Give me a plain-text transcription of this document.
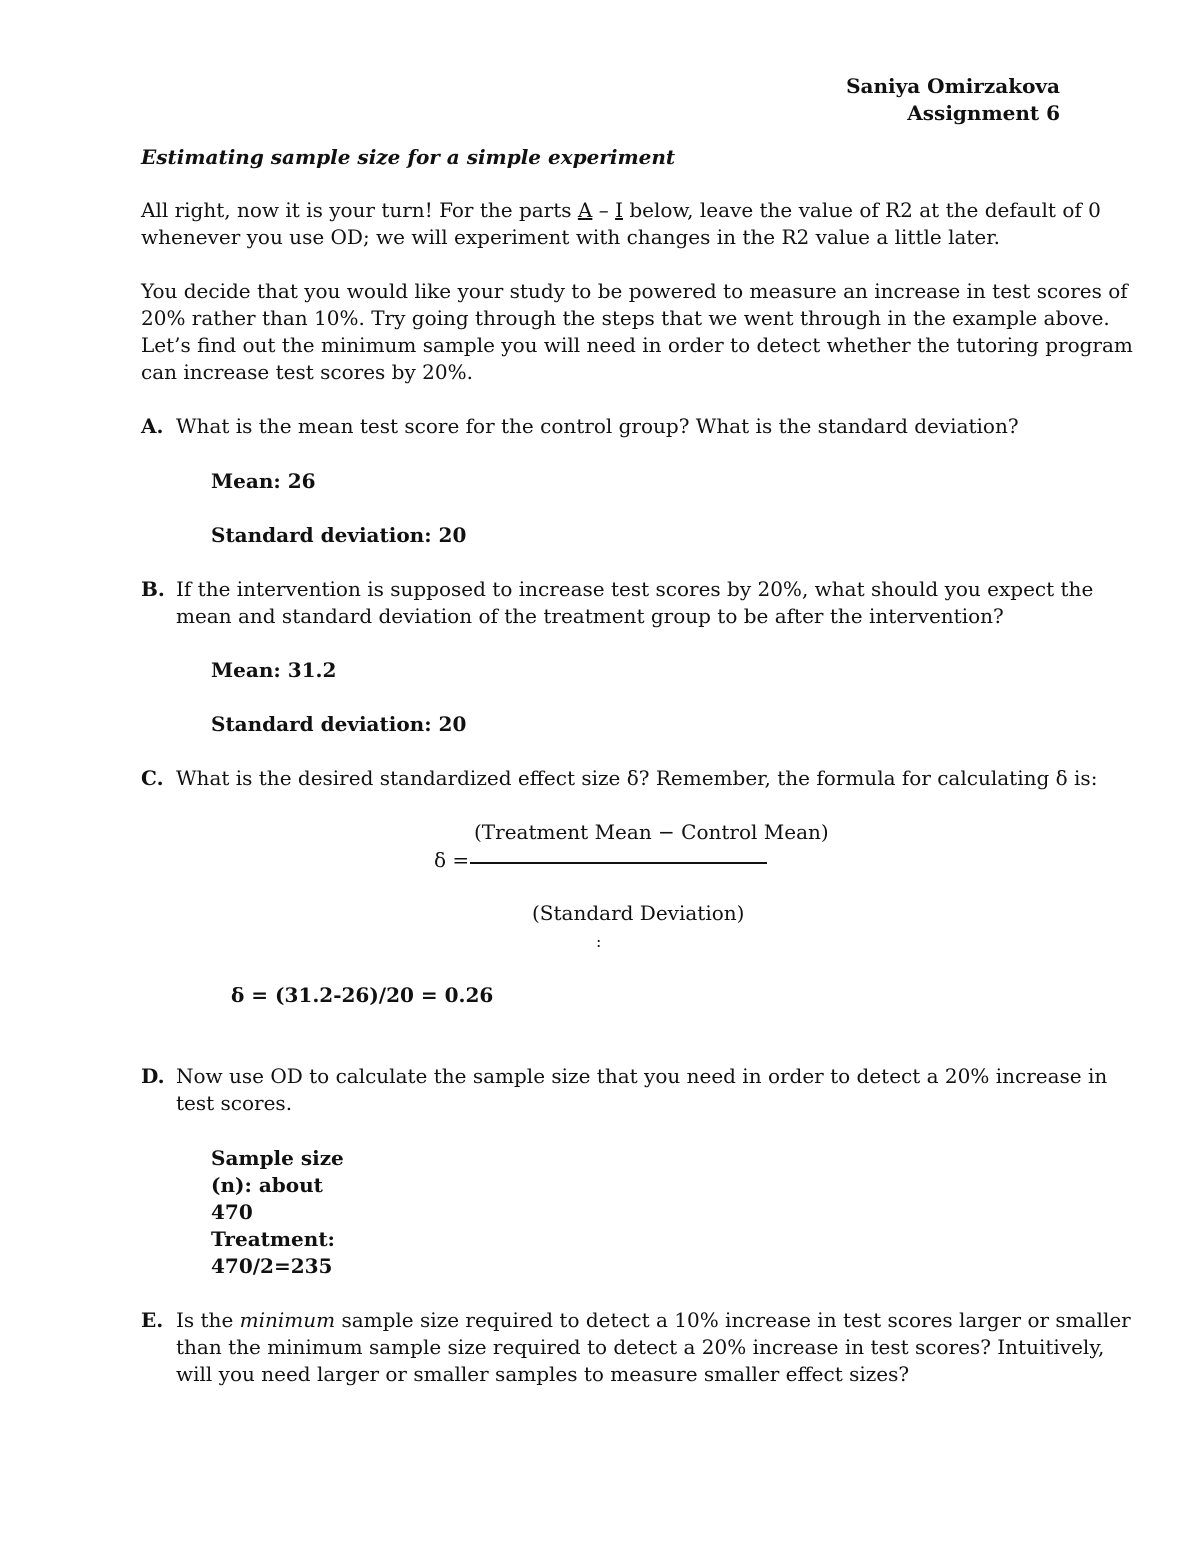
Saniya Omirzakova
Assignment 6
Estimating sample size for a simple experiment
All right, now it is your turn! For the parts A – I below, leave the value of R2 at the default of 0
whenever you use OD; we will experiment with changes in the R2 value a little later.
You decide that you would like your study to be powered to measure an increase in test scores of
20% rather than 10%. Try going through the steps that we went through in the example above.
Let’s find out the minimum sample you will need in order to detect whether the tutoring program
can increase test scores by 20%.
A. What is the mean test score for the control group? What is the standard deviation?
Mean: 26
Standard deviation: 20
B. If the intervention is supposed to increase test scores by 20%, what should you expect the
mean and standard deviation of the treatment group to be after the intervention?
Mean: 31.2
Standard deviation: 20
C. What is the desired standardized effect size δ? Remember, the formula for calculating δ is:
(Treatment Mean − Control Mean)
δ =
(Standard Deviation)
:
δ = (31.2-26)/20 = 0.26
D. Now use OD to calculate the sample size that you need in order to detect a 20% increase in
test scores.
Sample size
(n): about
470
Treatment:
470/2=235
E. Is the minimum sample size required to detect a 10% increase in test scores larger or smaller
than the minimum sample size required to detect a 20% increase in test scores? Intuitively,
will you need larger or smaller samples to measure smaller effect sizes?
